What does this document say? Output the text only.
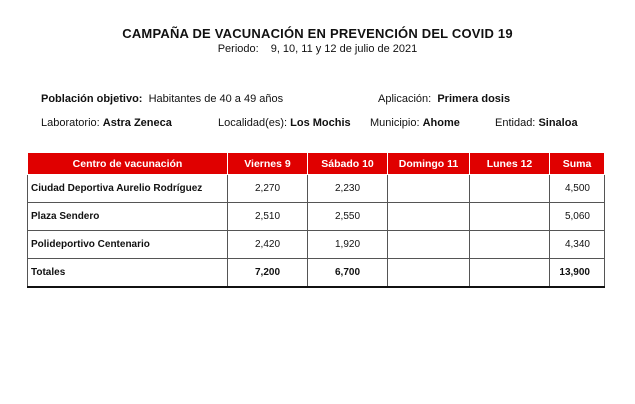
CAMPAÑA DE VACUNACIÓN EN PREVENCIÓN DEL COVID 19
Periodo: 9, 10, 11 y 12 de julio de 2021
Población objetivo: Habitantes de 40 a 49 años	Aplicación: Primera dosis
Laboratorio: Astra Zeneca	Localidad(es): Los Mochis Municipio: Ahome	Entidad: Sinaloa
Centro de vacunación	Viernes 9	Sábado 10	Domingo 11	Lunes 12	Suma
Ciudad Deportiva Aurelio Rodríguez	2,270	2,230			4,500
Plaza Sendero	2,510	2,550			5,060
Polideportivo Centenario	2,420	1,920			4,340
Totales	7,200	6,700			13,900
